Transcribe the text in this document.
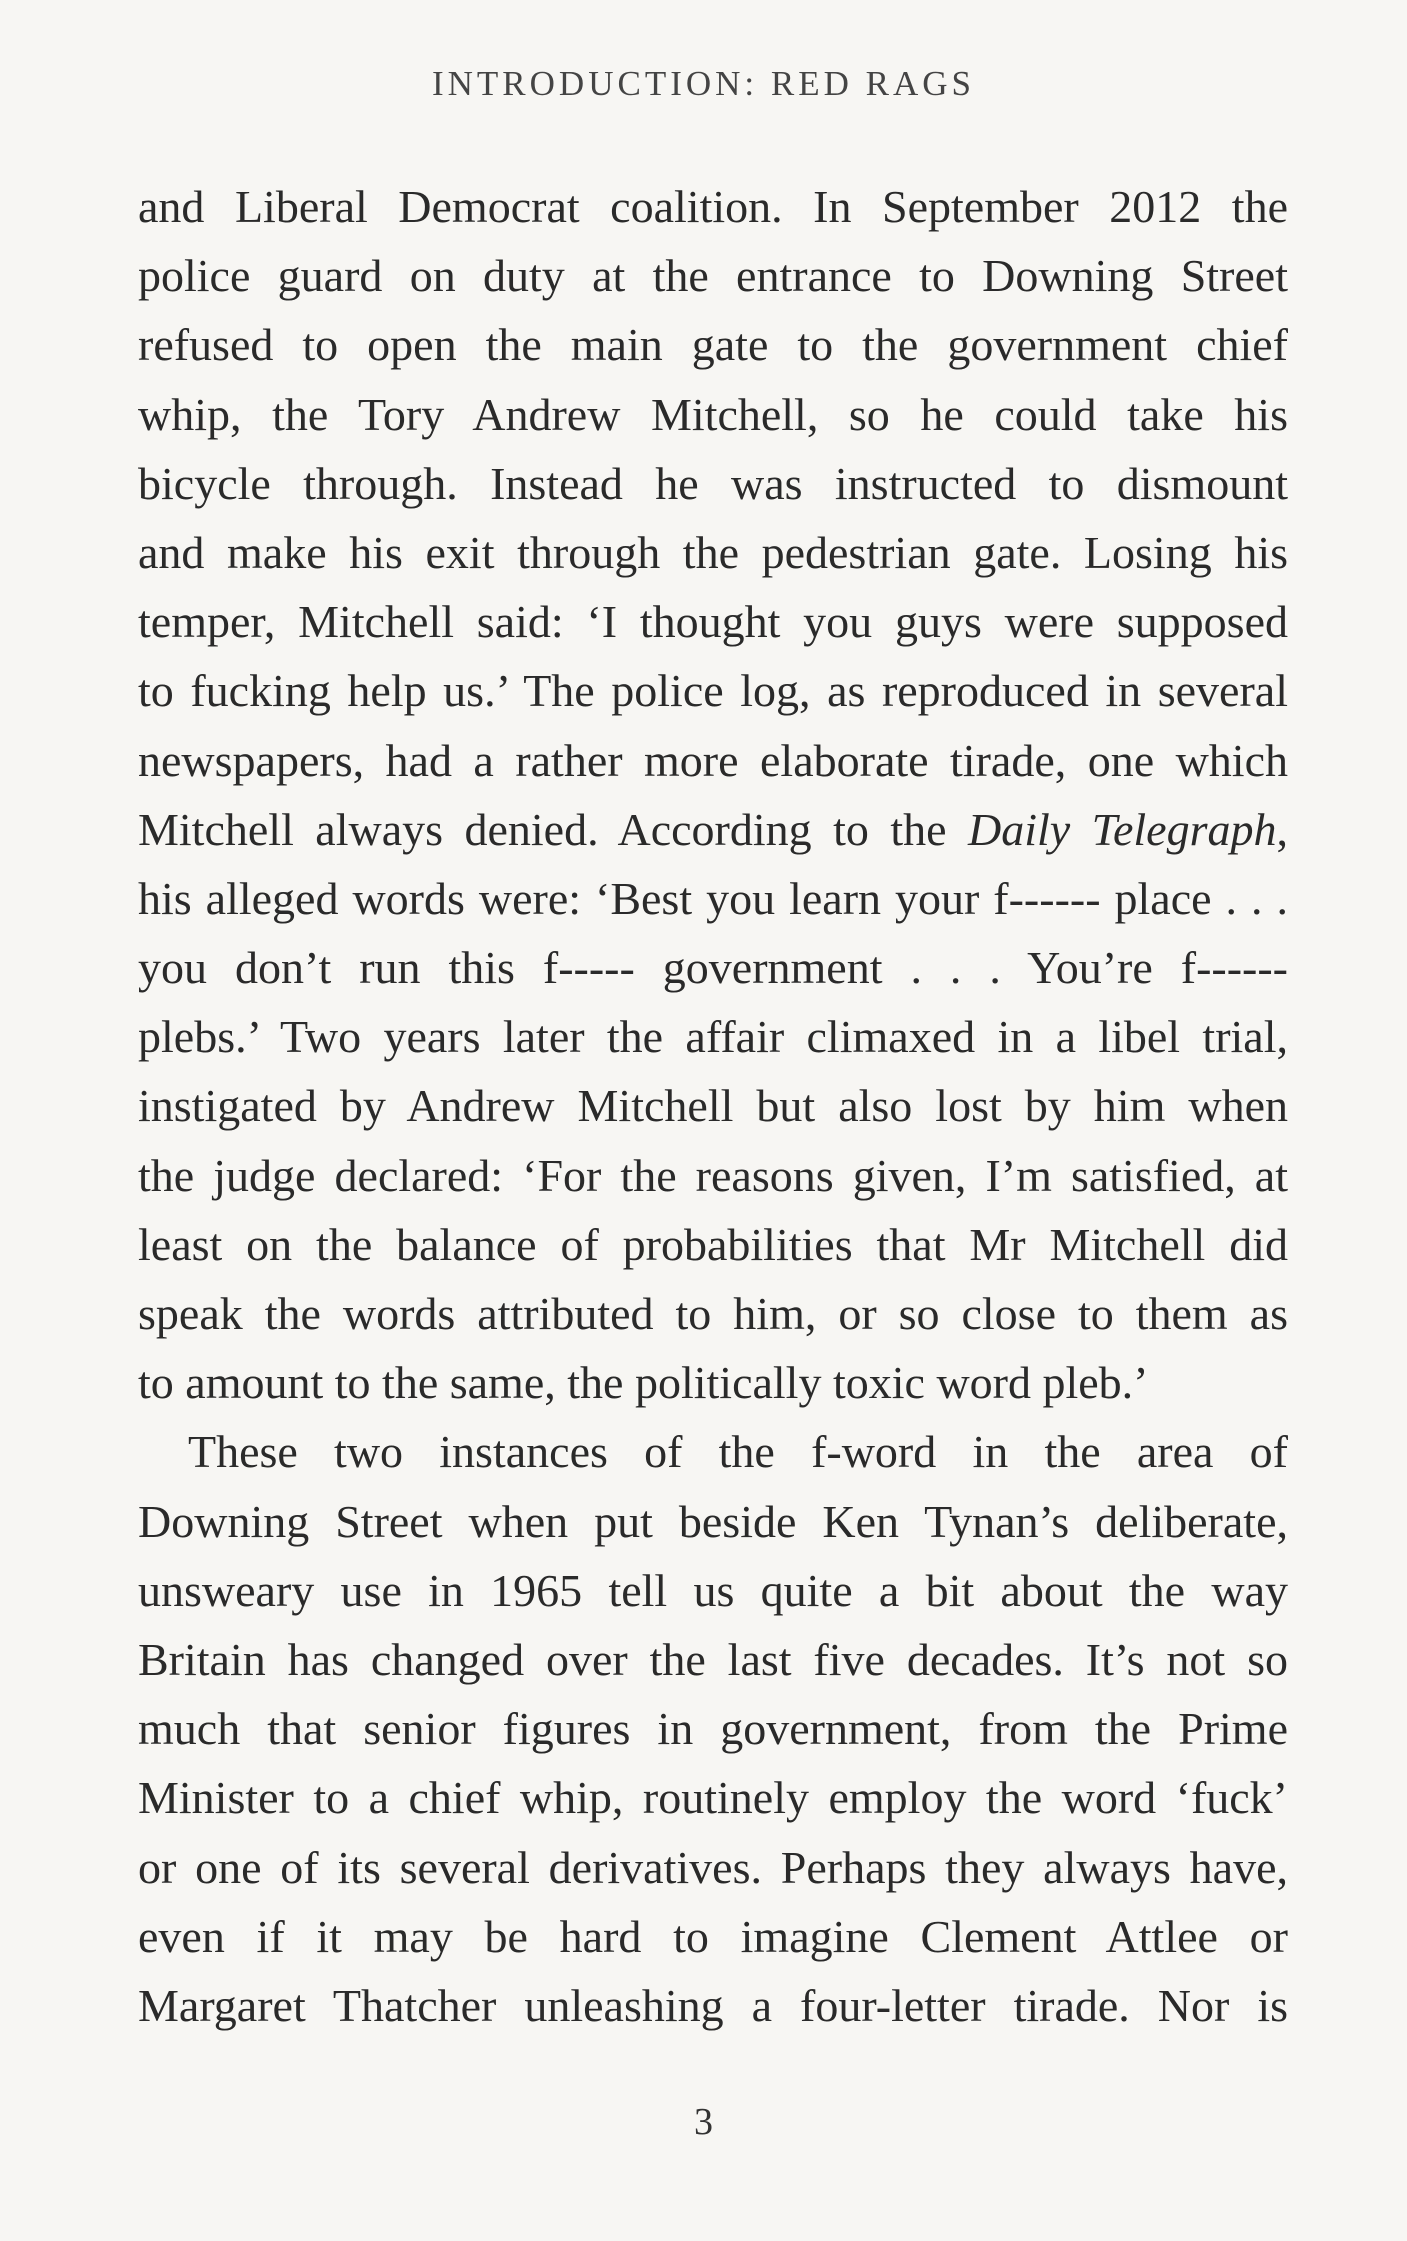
INTRODUCTION: RED RAGS
and Liberal Democrat coalition. In September 2012 the
police guard on duty at the entrance to Downing Street
refused to open the main gate to the government chief
whip, the Tory Andrew Mitchell, so he could take his
bicycle through. Instead he was instructed to dismount
and make his exit through the pedestrian gate. Losing his
temper, Mitchell said: ‘I thought you guys were supposed
to fucking help us.’ The police log, as reproduced in several
newspapers, had a rather more elaborate tirade, one which
Mitchell always denied. According to the Daily Telegraph,
his alleged words were: ‘Best you learn your f------ place . . .
you don’t run this f----- government . . . You’re f------
plebs.’ Two years later the affair climaxed in a libel trial,
instigated by Andrew Mitchell but also lost by him when
the judge declared: ‘For the reasons given, I’m satisfied, at
least on the balance of probabilities that Mr Mitchell did
speak the words attributed to him, or so close to them as
to amount to the same, the politically toxic word pleb.’
These two instances of the f-word in the area of
Downing Street when put beside Ken Tynan’s deliberate,
unsweary use in 1965 tell us quite a bit about the way
Britain has changed over the last five decades. It’s not so
much that senior figures in government, from the Prime
Minister to a chief whip, routinely employ the word ‘fuck’
or one of its several derivatives. Perhaps they always have,
even if it may be hard to imagine Clement Attlee or
Margaret Thatcher unleashing a four-letter tirade. Nor is
3
